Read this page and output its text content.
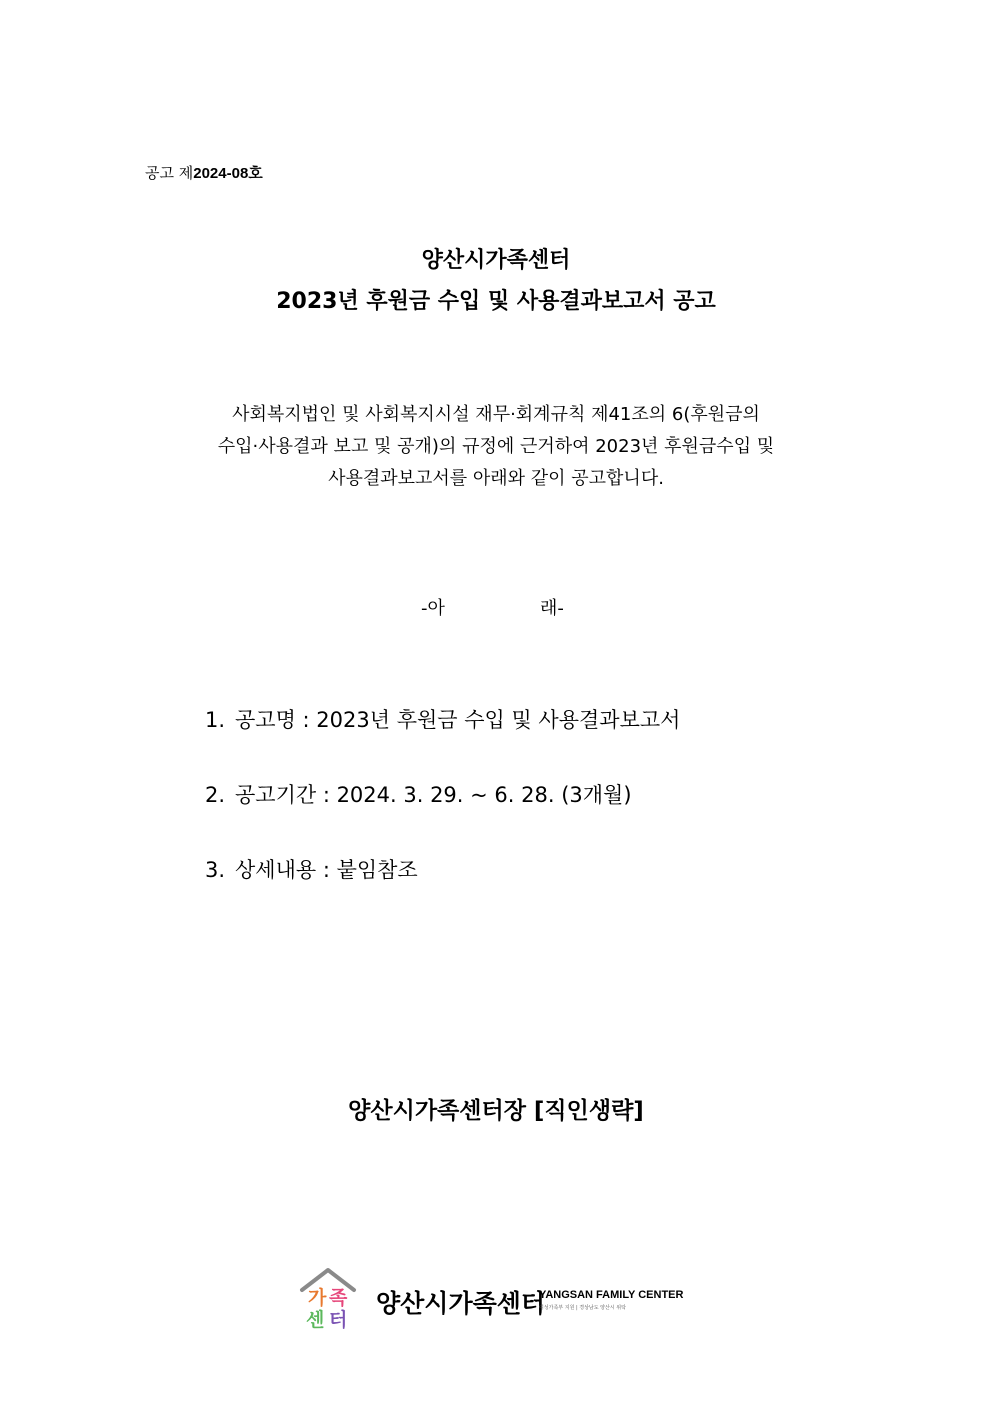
공고 제2024-08호
양산시가족센터
2023년 후원금 수입 및 사용결과보고서 공고
사회복지법인 및 사회복지시설 재무·회계규칙 제41조의 6(후원금의
수입·사용결과 보고 및 공개)의 규정에 근거하여 2023년 후원금수입 및
사용결과보고서를 아래와 같이 공고합니다.
-아	래-
1. 공고명 : 2023년 후원금 수입 및 사용결과보고서
2. 공고기간 : 2024. 3. 29. ~ 6. 28. (3개월)
3. 상세내용 : 붙임참조
양산시가족센터장 [직인생략]
가 족
센 터
양산시가족센터
YANGSAN FAMILY CENTER
여성가족부 지원 | 경상남도 양산시 위탁
